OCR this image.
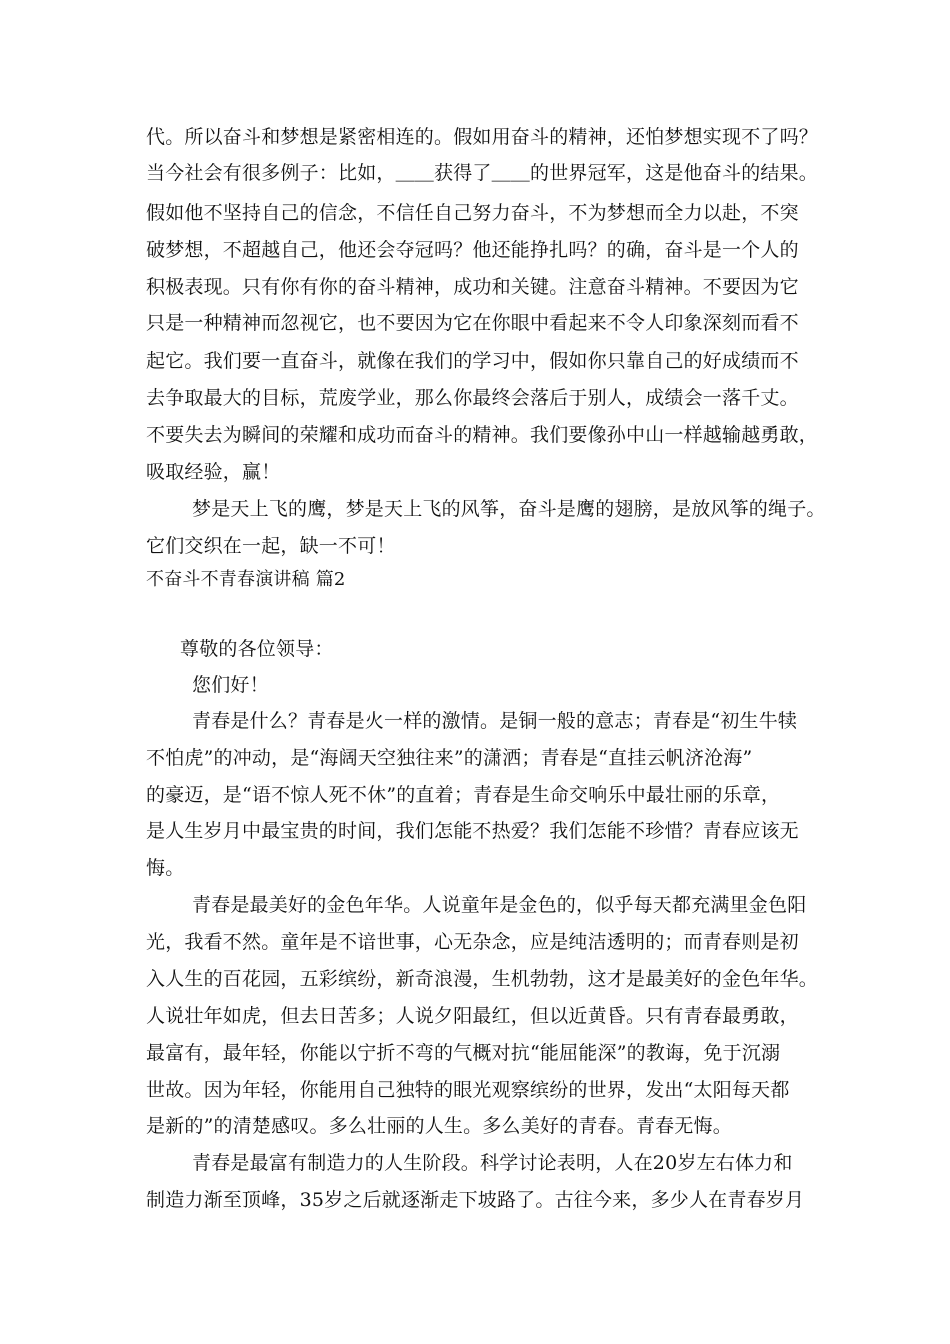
代。所以奋斗和梦想是紧密相连的。假如用奋斗的精神，还怕梦想实现不了吗？
当今社会有很多例子：比如，＿＿获得了＿＿的世界冠军，这是他奋斗的结果。
假如他不坚持自己的信念，不信任自己努力奋斗，不为梦想而全力以赴，不突
破梦想，不超越自己，他还会夺冠吗？他还能挣扎吗？的确，奋斗是一个人的
积极表现。只有你有你的奋斗精神，成功和关键。注意奋斗精神。不要因为它
只是一种精神而忽视它，也不要因为它在你眼中看起来不令人印象深刻而看不
起它。我们要一直奋斗，就像在我们的学习中，假如你只靠自己的好成绩而不
去争取最大的目标，荒废学业，那么你最终会落后于别人，成绩会一落千丈。
不要失去为瞬间的荣耀和成功而奋斗的精神。我们要像孙中山一样越输越勇敢，
吸取经验，赢！
梦是天上飞的鹰，梦是天上飞的风筝，奋斗是鹰的翅膀，是放风筝的绳子。
它们交织在一起，缺一不可！
不奋斗不青春演讲稿 篇2
尊敬的各位领导：
您们好！
青春是什么？青春是火一样的激情。是铜一般的意志；青春是“初生牛犊
不怕虎”的冲动，是“海阔天空独往来”的潇洒；青春是“直挂云帆济沧海”
的豪迈，是“语不惊人死不休”的直着；青春是生命交响乐中最壮丽的乐章，
是人生岁月中最宝贵的时间，我们怎能不热爱？我们怎能不珍惜？青春应该无
悔。
青春是最美好的金色年华。人说童年是金色的，似乎每天都充满里金色阳
光，我看不然。童年是不谙世事，心无杂念，应是纯洁透明的；而青春则是初
入人生的百花园，五彩缤纷，新奇浪漫，生机勃勃，这才是最美好的金色年华。
人说壮年如虎，但去日苦多；人说夕阳最红，但以近黄昏。只有青春最勇敢，
最富有，最年轻，你能以宁折不弯的气概对抗“能屈能深”的教诲，免于沉溺
世故。因为年轻，你能用自己独特的眼光观察缤纷的世界，发出“太阳每天都
是新的”的清楚感叹。多么壮丽的人生。多么美好的青春。青春无悔。
青春是最富有制造力的人生阶段。科学讨论表明，人在20岁左右体力和
制造力渐至顶峰，35岁之后就逐渐走下坡路了。古往今来，多少人在青春岁月
